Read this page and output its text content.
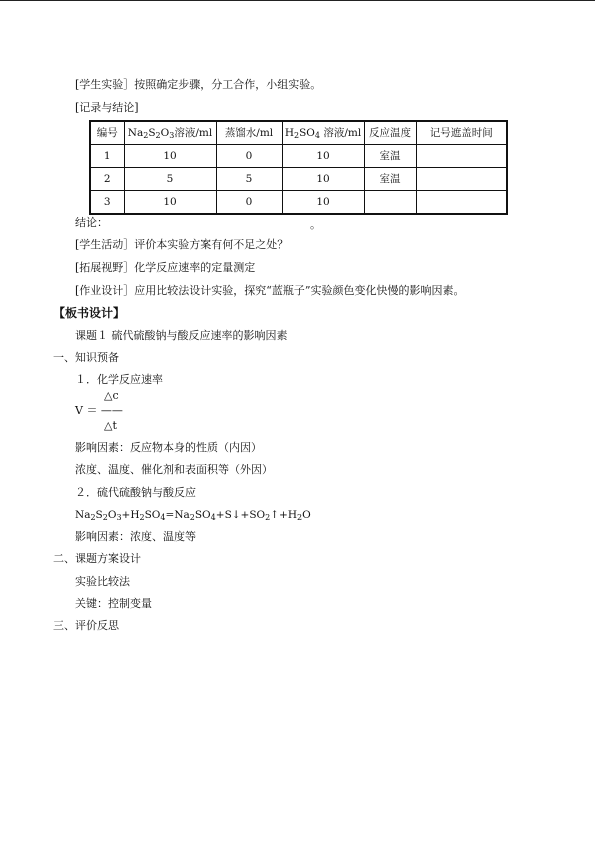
[学生实验］按照确定步骤，分工合作，小组实验。
[记录与结论]
编号	$Na_2S_2O_3$溶液/ml	蒸馏水/ml	$H_2SO_4$ 溶液/ml	反应温度	记号遮盖时间
1	10	0	10	室温	
2	5	5	10	室温	
3	10	0	10		
结论：	。
[学生活动］评价本实验方案有何不足之处？
[拓展视野］化学反应速率的定量测定
[作业设计］应用比较法设计实验，探究“蓝瓶子”实验颜色变化快慢的影响因素。
【板书设计】
课题１ 硫代硫酸钠与酸反应速率的影响因素
一、知识预备
１．化学反应速率
△c
V ＝ ——
△t
影响因素：反应物本身的性质（内因）
浓度、温度、催化剂和表面积等（外因）
２．硫代硫酸钠与酸反应
$Na_2S_2O_3+H_2SO_4=Na_2SO_4+S↓+SO_2↑+H_2O$
影响因素：浓度、温度等
二、课题方案设计
实验比较法
关键：控制变量
三、评价反思
